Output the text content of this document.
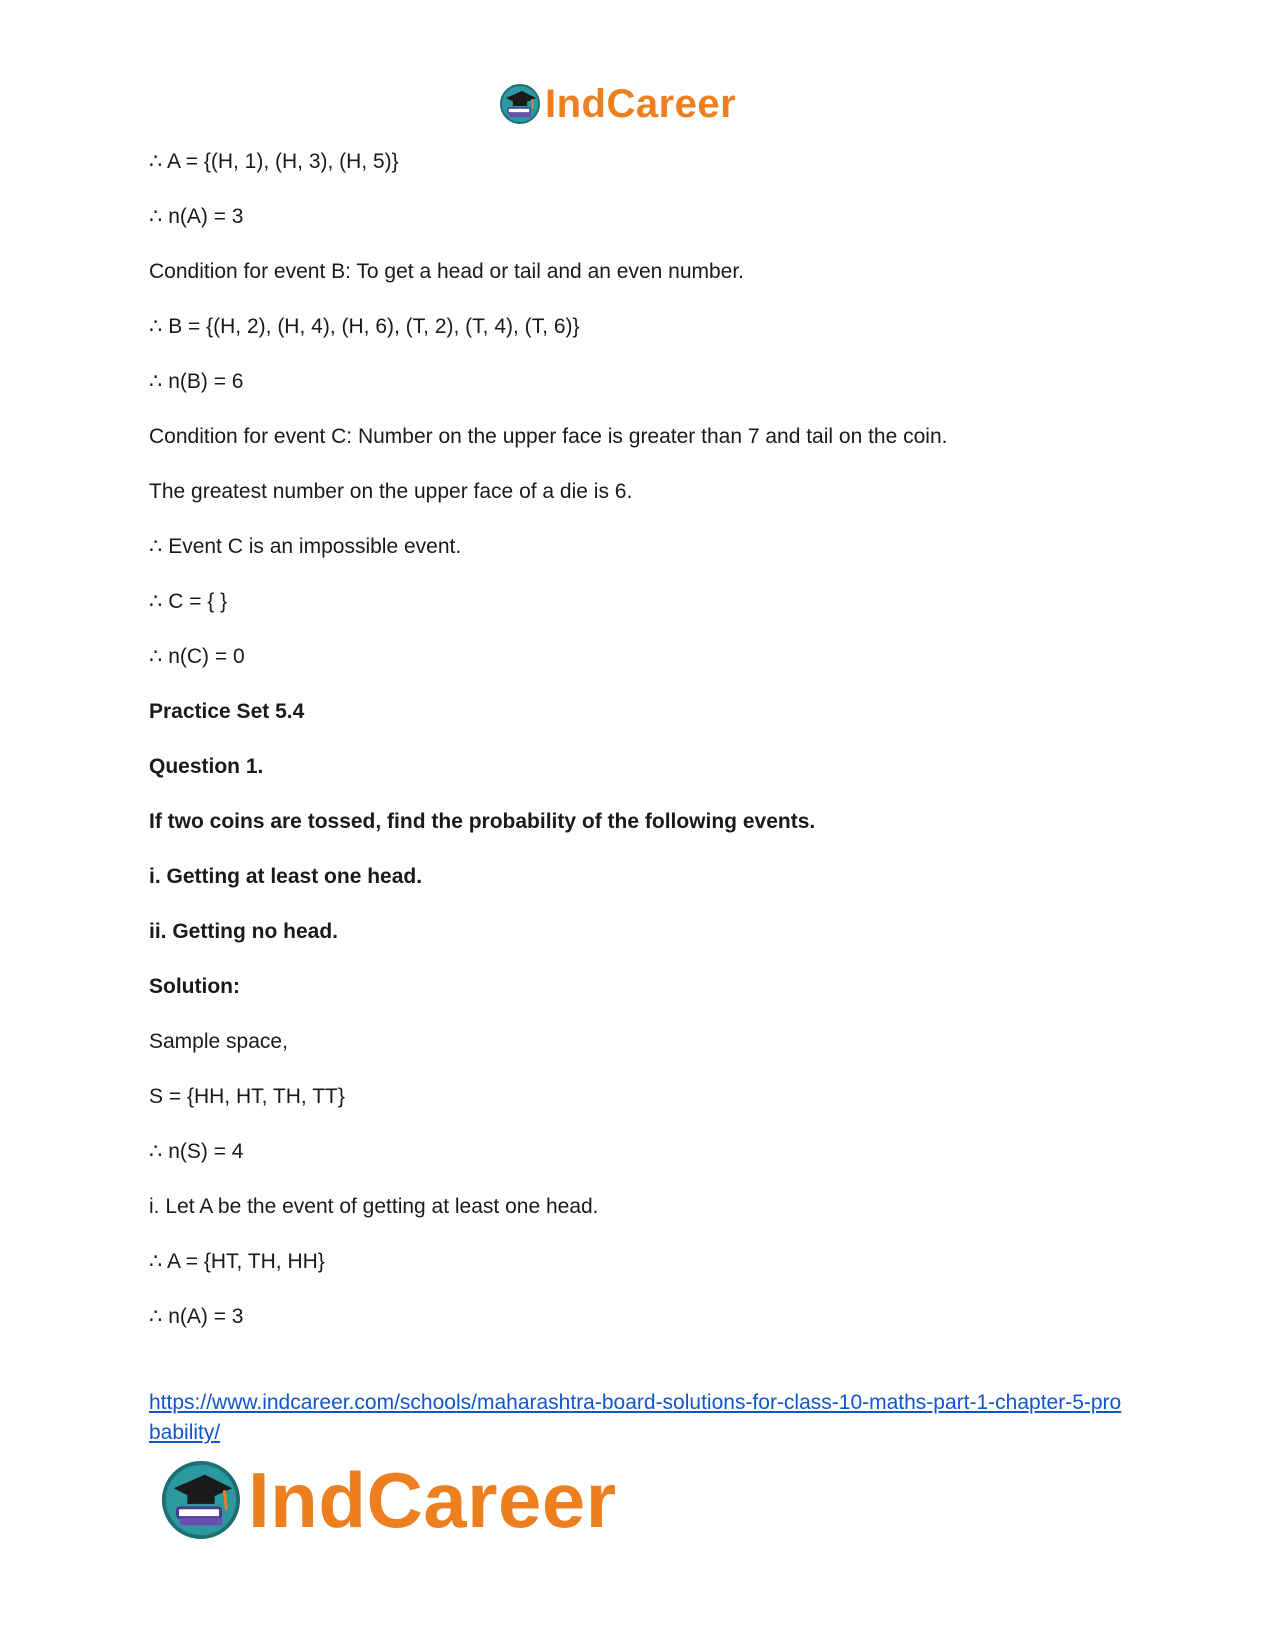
IndCareer
∴ A = {(H, 1), (H, 3), (H, 5)}
∴ n(A) = 3
Condition for event B: To get a head or tail and an even number.
∴ B = {(H, 2), (H, 4), (H, 6), (T, 2), (T, 4), (T, 6)}
∴ n(B) = 6
Condition for event C: Number on the upper face is greater than 7 and tail on the coin.
The greatest number on the upper face of a die is 6.
∴ Event C is an impossible event.
∴ C = { }
∴ n(C) = 0
Practice Set 5.4
Question 1.
If two coins are tossed, find the probability of the following events.
i. Getting at least one head.
ii. Getting no head.
Solution:
Sample space,
S = {HH, HT, TH, TT}
∴ n(S) = 4
i. Let A be the event of getting at least one head.
∴ A = {HT, TH, HH}
∴ n(A) = 3
https://www.indcareer.com/schools/maharashtra-board-solutions-for-class-10-maths-part-1-chapter-5-probability/
IndCareer
